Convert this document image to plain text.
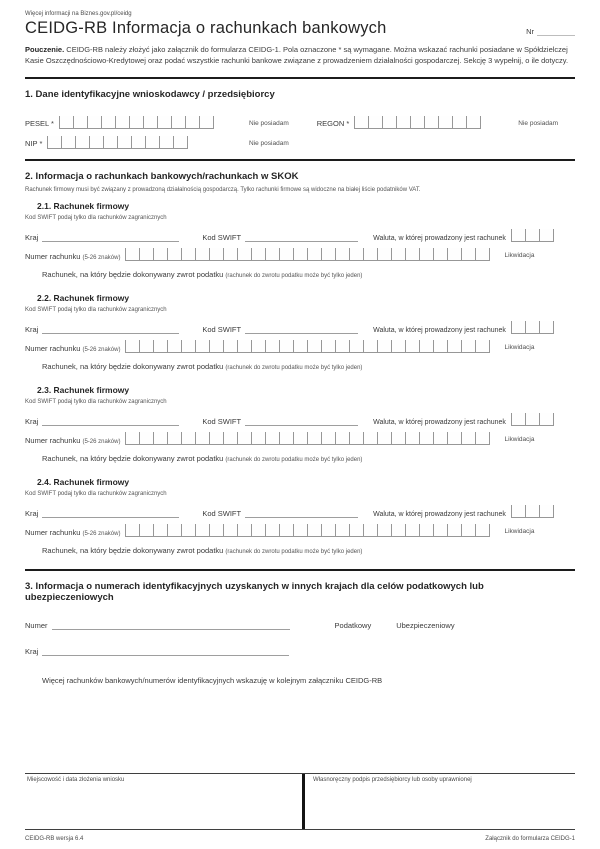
Więcej informacji na Biznes.gov.pl/ceidg
CEIDG-RB Informacja o rachunkach bankowych	Nr
Pouczenie. CEIDG-RB należy złożyć jako załącznik do formularza CEIDG-1. Pola oznaczone * są wymagane. Można wskazać rachunki posiadane w Spółdzielczej Kasie Oszczędnościowo-Kredytowej oraz podać wszystkie rachunki bankowe związane z prowadzeniem działalności gospodarczej. Sekcję 3 wypełnij, o ile dotyczy.
1. Dane identyfikacyjne wnioskodawcy / przedsiębiorcy
PESEL *	Nie posiadam	REGON *	Nie posiadam
NIP *	Nie posiadam
2. Informacja o rachunkach bankowych/rachunkach w SKOK
Rachunek firmowy musi być związany z prowadzoną działalnością gospodarczą. Tylko rachunki firmowe są widoczne na białej liście podatników VAT.
2.1. Rachunek firmowy
Kod SWIFT podaj tylko dla rachunków zagranicznych
Kraj	Kod SWIFT	Waluta, w której prowadzony jest rachunek
Numer rachunku (5-26 znaków)	Likwidacja
Rachunek, na który będzie dokonywany zwrot podatku (rachunek do zwrotu podatku może być tylko jeden)
2.2. Rachunek firmowy
Kod SWIFT podaj tylko dla rachunków zagranicznych
Kraj	Kod SWIFT	Waluta, w której prowadzony jest rachunek
Numer rachunku (5-26 znaków)	Likwidacja
Rachunek, na który będzie dokonywany zwrot podatku (rachunek do zwrotu podatku może być tylko jeden)
2.3. Rachunek firmowy
Kod SWIFT podaj tylko dla rachunków zagranicznych
Kraj	Kod SWIFT	Waluta, w której prowadzony jest rachunek
Numer rachunku (5-26 znaków)	Likwidacja
Rachunek, na który będzie dokonywany zwrot podatku (rachunek do zwrotu podatku może być tylko jeden)
2.4. Rachunek firmowy
Kod SWIFT podaj tylko dla rachunków zagranicznych
Kraj	Kod SWIFT	Waluta, w której prowadzony jest rachunek
Numer rachunku (5-26 znaków)	Likwidacja
Rachunek, na który będzie dokonywany zwrot podatku (rachunek do zwrotu podatku może być tylko jeden)
3. Informacja o numerach identyfikacyjnych uzyskanych w innych krajach dla celów podatkowych lub ubezpieczeniowych
Numer	Podatkowy	Ubezpieczeniowy
Kraj
Więcej rachunków bankowych/numerów identyfikacyjnych wskazuję w kolejnym załączniku CEIDG-RB
Miejscowość i data złożenia wniosku	Własnoręczny podpis przedsiębiorcy lub osoby uprawnionej
CEIDG-RB wersja 6.4	Załącznik do formularza CEIDG-1
